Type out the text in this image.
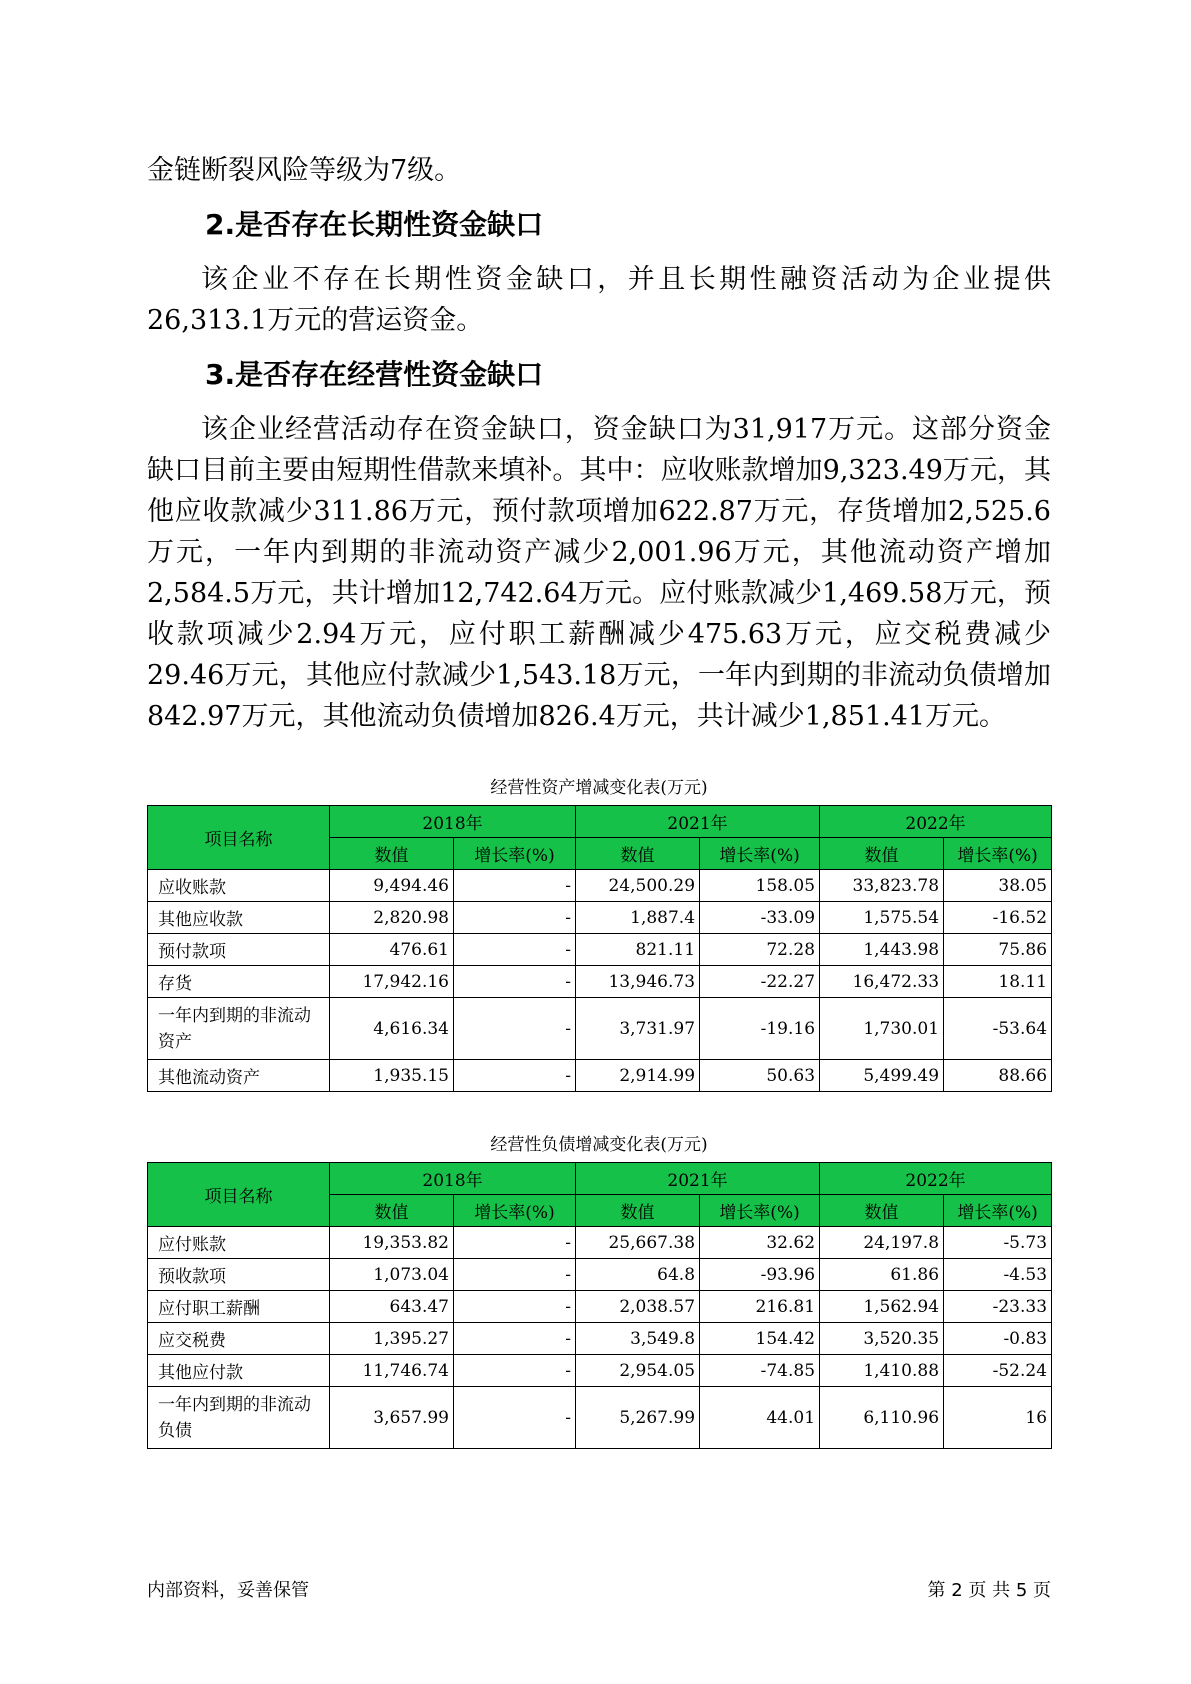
金链断裂风险等级为7级。

2.是否存在长期性资金缺口

该企业不存在长期性资金缺口，并且长期性融资活动为企业提供26,313.1万元的营运资金。

3.是否存在经营性资金缺口

该企业经营活动存在资金缺口，资金缺口为31,917万元。这部分资金缺口目前主要由短期性借款来填补。其中：应收账款增加9,323.49万元，其他应收款减少311.86万元，预付款项增加622.87万元，存货增加2,525.6万元，一年内到期的非流动资产减少2,001.96万元，其他流动资产增加2,584.5万元，共计增加12,742.64万元。应付账款减少1,469.58万元，预收款项减少2.94万元，应付职工薪酬减少475.63万元，应交税费减少29.46万元，其他应付款减少1,543.18万元，一年内到期的非流动负债增加842.97万元，其他流动负债增加826.4万元，共计减少1,851.41万元。

经营性资产增减变化表(万元)
项目名称	2018年		2021年		2022年	
	数值	增长率(%)	数值	增长率(%)	数值	增长率(%)
应收账款	9,494.46	-	24,500.29	158.05	33,823.78	38.05
其他应收款	2,820.98	-	1,887.4	-33.09	1,575.54	-16.52
预付款项	476.61	-	821.11	72.28	1,443.98	75.86
存货	17,942.16	-	13,946.73	-22.27	16,472.33	18.11
一年内到期的非流动资产	4,616.34	-	3,731.97	-19.16	1,730.01	-53.64
其他流动资产	1,935.15	-	2,914.99	50.63	5,499.49	88.66
经营性负债增减变化表(万元)
项目名称	2018年		2021年		2022年	
	数值	增长率(%)	数值	增长率(%)	数值	增长率(%)
应付账款	19,353.82	-	25,667.38	32.62	24,197.8	-5.73
预收款项	1,073.04	-	64.8	-93.96	61.86	-4.53
应付职工薪酬	643.47	-	2,038.57	216.81	1,562.94	-23.33
应交税费	1,395.27	-	3,549.8	154.42	3,520.35	-0.83
其他应付款	11,746.74	-	2,954.05	-74.85	1,410.88	-52.24
一年内到期的非流动负债	3,657.99	-	5,267.99	44.01	6,110.96	16
内部资料，妥善保管	第 2 页 共 5 页
